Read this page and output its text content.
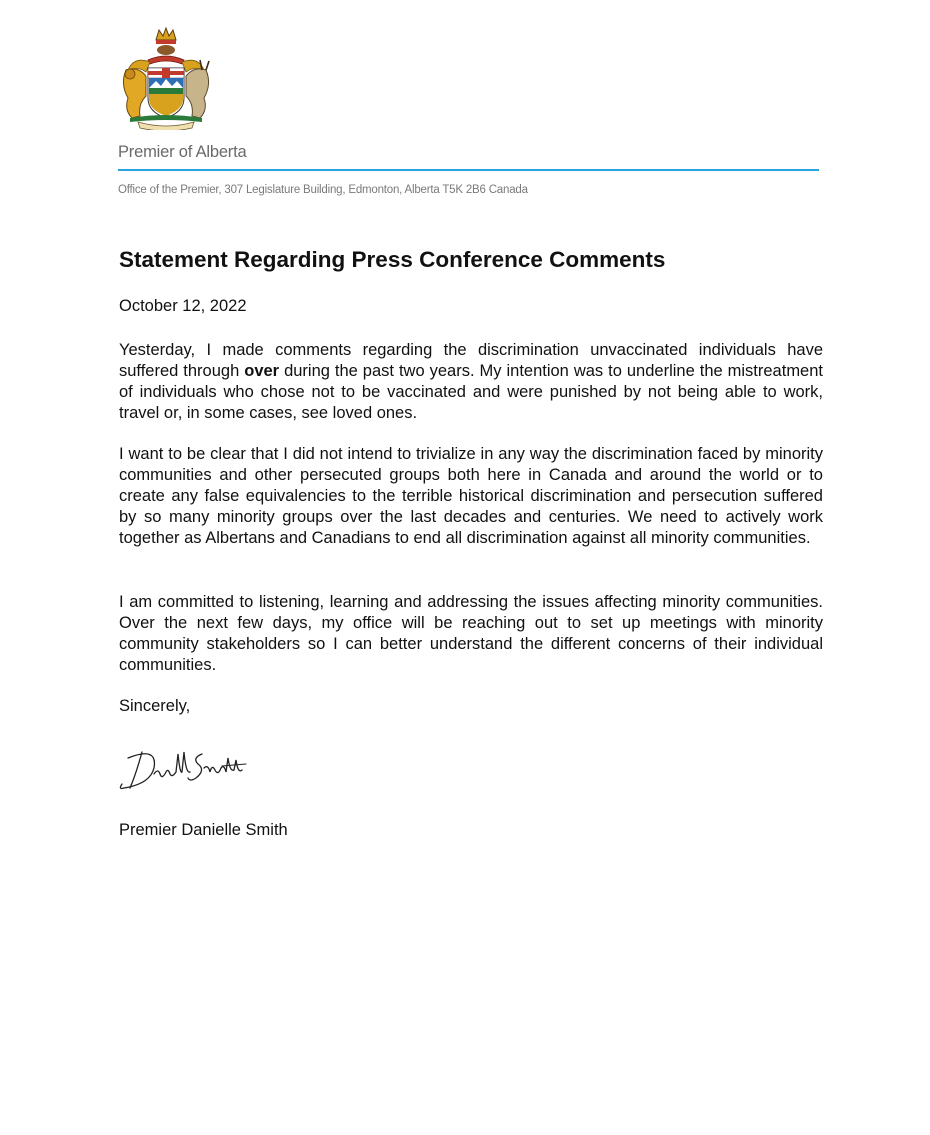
Premier of Alberta
Office of the Premier, 307 Legislature Building, Edmonton, Alberta T5K 2B6 Canada
Statement Regarding Press Conference Comments
October 12, 2022

Yesterday, I made comments regarding the discrimination unvaccinated individuals have suffered through over during the past two years. My intention was to underline the mistreatment of individuals who chose not to be vaccinated and were punished by not being able to work, travel or, in some cases, see loved ones.

I want to be clear that I did not intend to trivialize in any way the discrimination faced by minority communities and other persecuted groups both here in Canada and around the world or to create any false equivalencies to the terrible historical discrimination and persecution suffered by so many minority groups over the last decades and centuries. We need to actively work together as Albertans and Canadians to end all discrimination against all minority communities.

I am committed to listening, learning and addressing the issues affecting minority communities. Over the next few days, my office will be reaching out to set up meetings with minority community stakeholders so I can better understand the different concerns of their individual communities.

Sincerely,
Premier Danielle Smith
